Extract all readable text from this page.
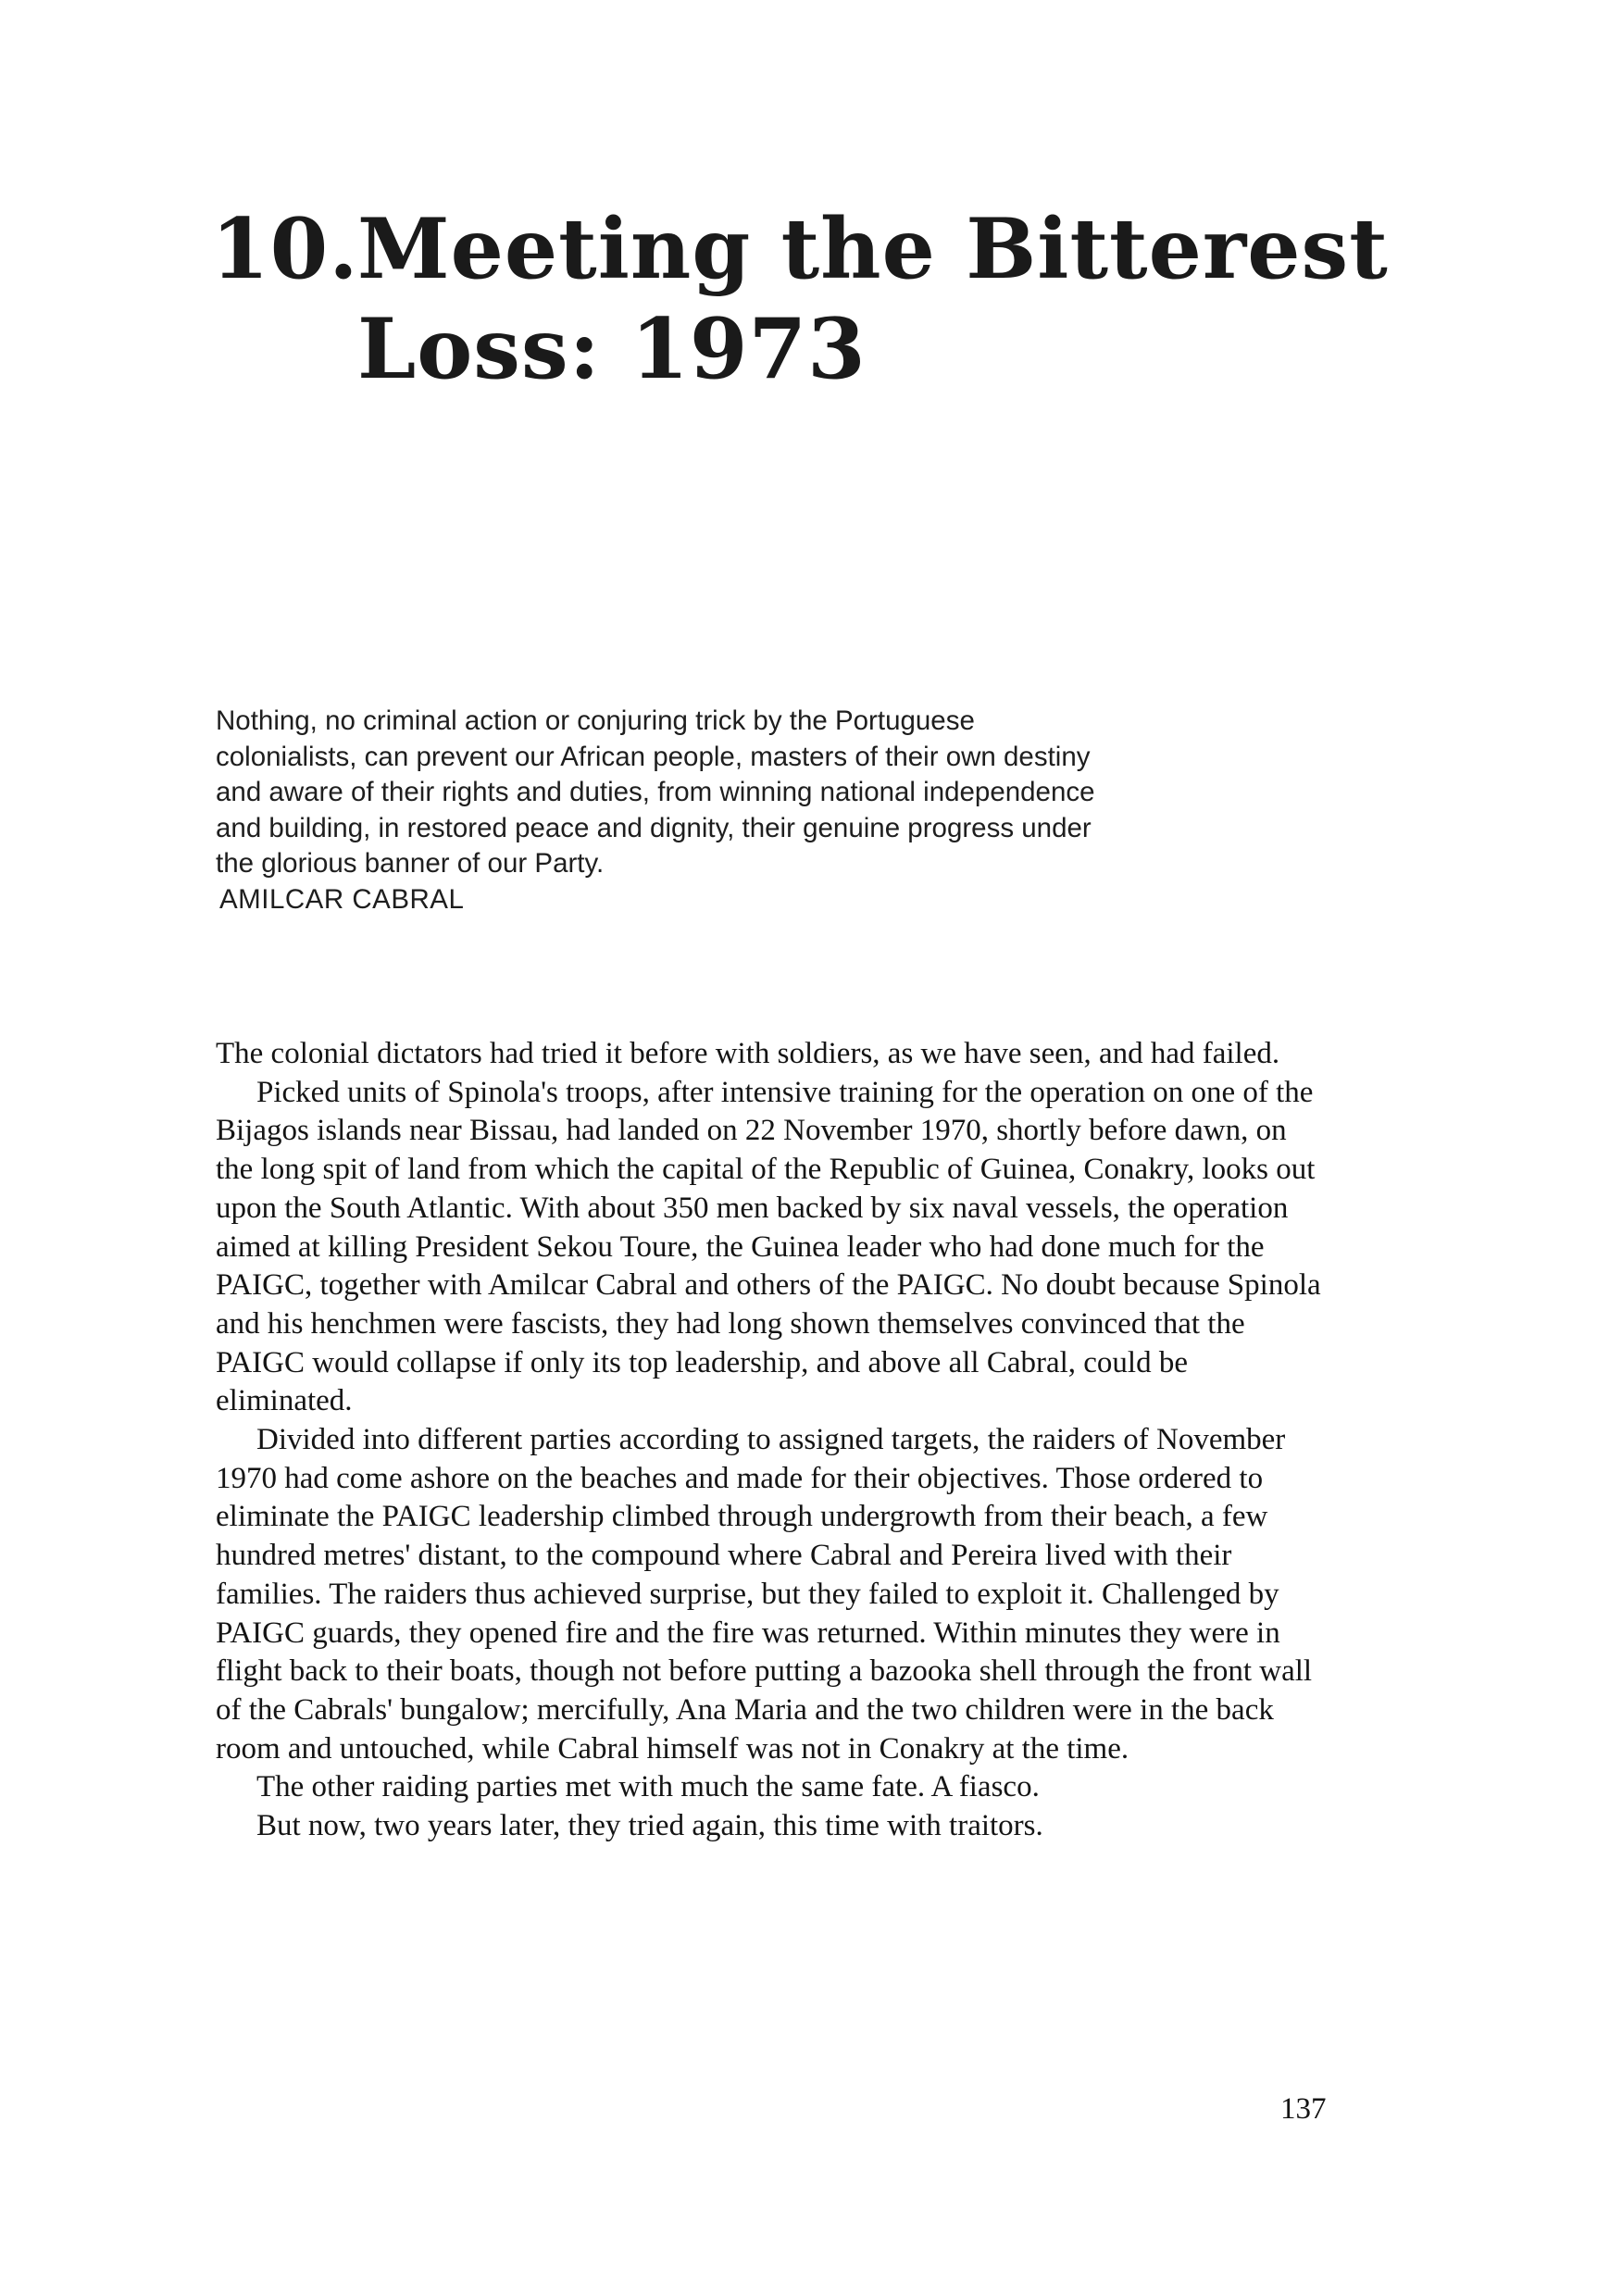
10.Meeting the Bitterest
Loss: 1973

Nothing, no criminal action or conjuring trick by the Portuguese colonialists, can prevent our African people, masters of their own destiny and aware of their rights and duties, from winning national independence and building, in restored peace and dignity, their genuine progress under the glorious banner of our Party.

AMILCAR CABRAL

The colonial dictators had tried it before with soldiers, as we have seen, and had failed.

Picked units of Spinola's troops, after intensive training for the operation on one of the Bijagos islands near Bissau, had landed on 22 November 1970, shortly before dawn, on the long spit of land from which the capital of the Republic of Guinea, Conakry, looks out upon the South Atlantic. With about 350 men backed by six naval vessels, the operation aimed at killing President Sekou Toure, the Guinea leader who had done much for the PAIGC, together with Amilcar Cabral and others of the PAIGC. No doubt because Spinola and his henchmen were fascists, they had long shown themselves convinced that the PAIGC would collapse if only its top leadership, and above all Cabral, could be eliminated.

Divided into different parties according to assigned targets, the raiders of November 1970 had come ashore on the beaches and made for their objectives. Those ordered to eliminate the PAIGC leadership climbed through undergrowth from their beach, a few hundred metres' distant, to the compound where Cabral and Pereira lived with their families. The raiders thus achieved surprise, but they failed to exploit it. Challenged by PAIGC guards, they opened fire and the fire was returned. Within minutes they were in flight back to their boats, though not before putting a bazooka shell through the front wall of the Cabrals' bungalow; mercifully, Ana Maria and the two children were in the back room and untouched, while Cabral himself was not in Conakry at the time.

The other raiding parties met with much the same fate. A fiasco.

But now, two years later, they tried again, this time with traitors.

137
